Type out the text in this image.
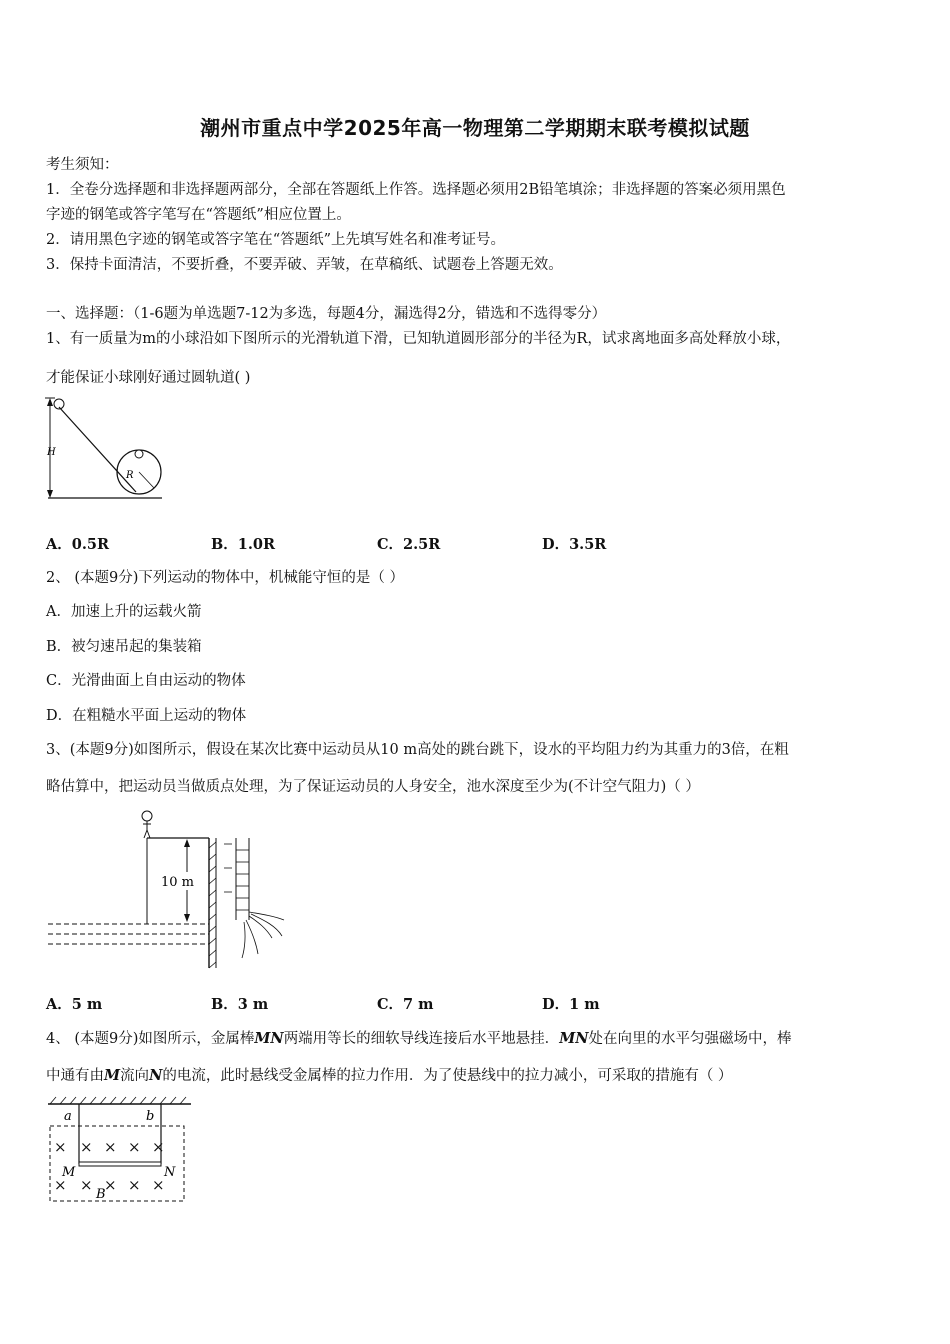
潮州市重点中学2025年高一物理第二学期期末联考模拟试题
考生须知：
1．全卷分选择题和非选择题两部分，全部在答题纸上作答。选择题必须用2B铅笔填涂；非选择题的答案必须用黑色
字迹的钢笔或答字笔写在“答题纸”相应位置上。
2．请用黑色字迹的钢笔或答字笔在“答题纸”上先填写姓名和准考证号。
3．保持卡面清洁，不要折叠，不要弄破、弄皱，在草稿纸、试题卷上答题无效。
一、选择题：（1-6题为单选题7-12为多选，每题4分，漏选得2分，错选和不选得零分）
1、有一质量为m的小球沿如下图所示的光滑轨道下滑，已知轨道圆形部分的半径为R，试求离地面多高处释放小球，
才能保证小球刚好通过圆轨道( )
H
R
A．0.5R	B．1.0R	C．2.5R	D．3.5R
2、 (本题9分)下列运动的物体中，机械能守恒的是（ ）
A．加速上升的运载火箭
B．被匀速吊起的集装箱
C．光滑曲面上自由运动的物体
D．在粗糙水平面上运动的物体
3、(本题9分)如图所示，假设在某次比赛中运动员从10 m高处的跳台跳下，设水的平均阻力约为其重力的3倍，在粗
略估算中，把运动员当做质点处理，为了保证运动员的人身安全，池水深度至少为(不计空气阻力)（ ）
10 m
A．5 m	B．3 m	C．7 m	D．1 m
4、 (本题9分)如图所示，金属棒MN两端用等长的细软导线连接后水平地悬挂．MN处在向里的水平匀强磁场中，棒
中通有由M流向N的电流，此时悬线受金属棒的拉力作用．为了使悬线中的拉力减小，可采取的措施有（ ）
a	b
× × × × ×
× × × × ×
M	N
B
